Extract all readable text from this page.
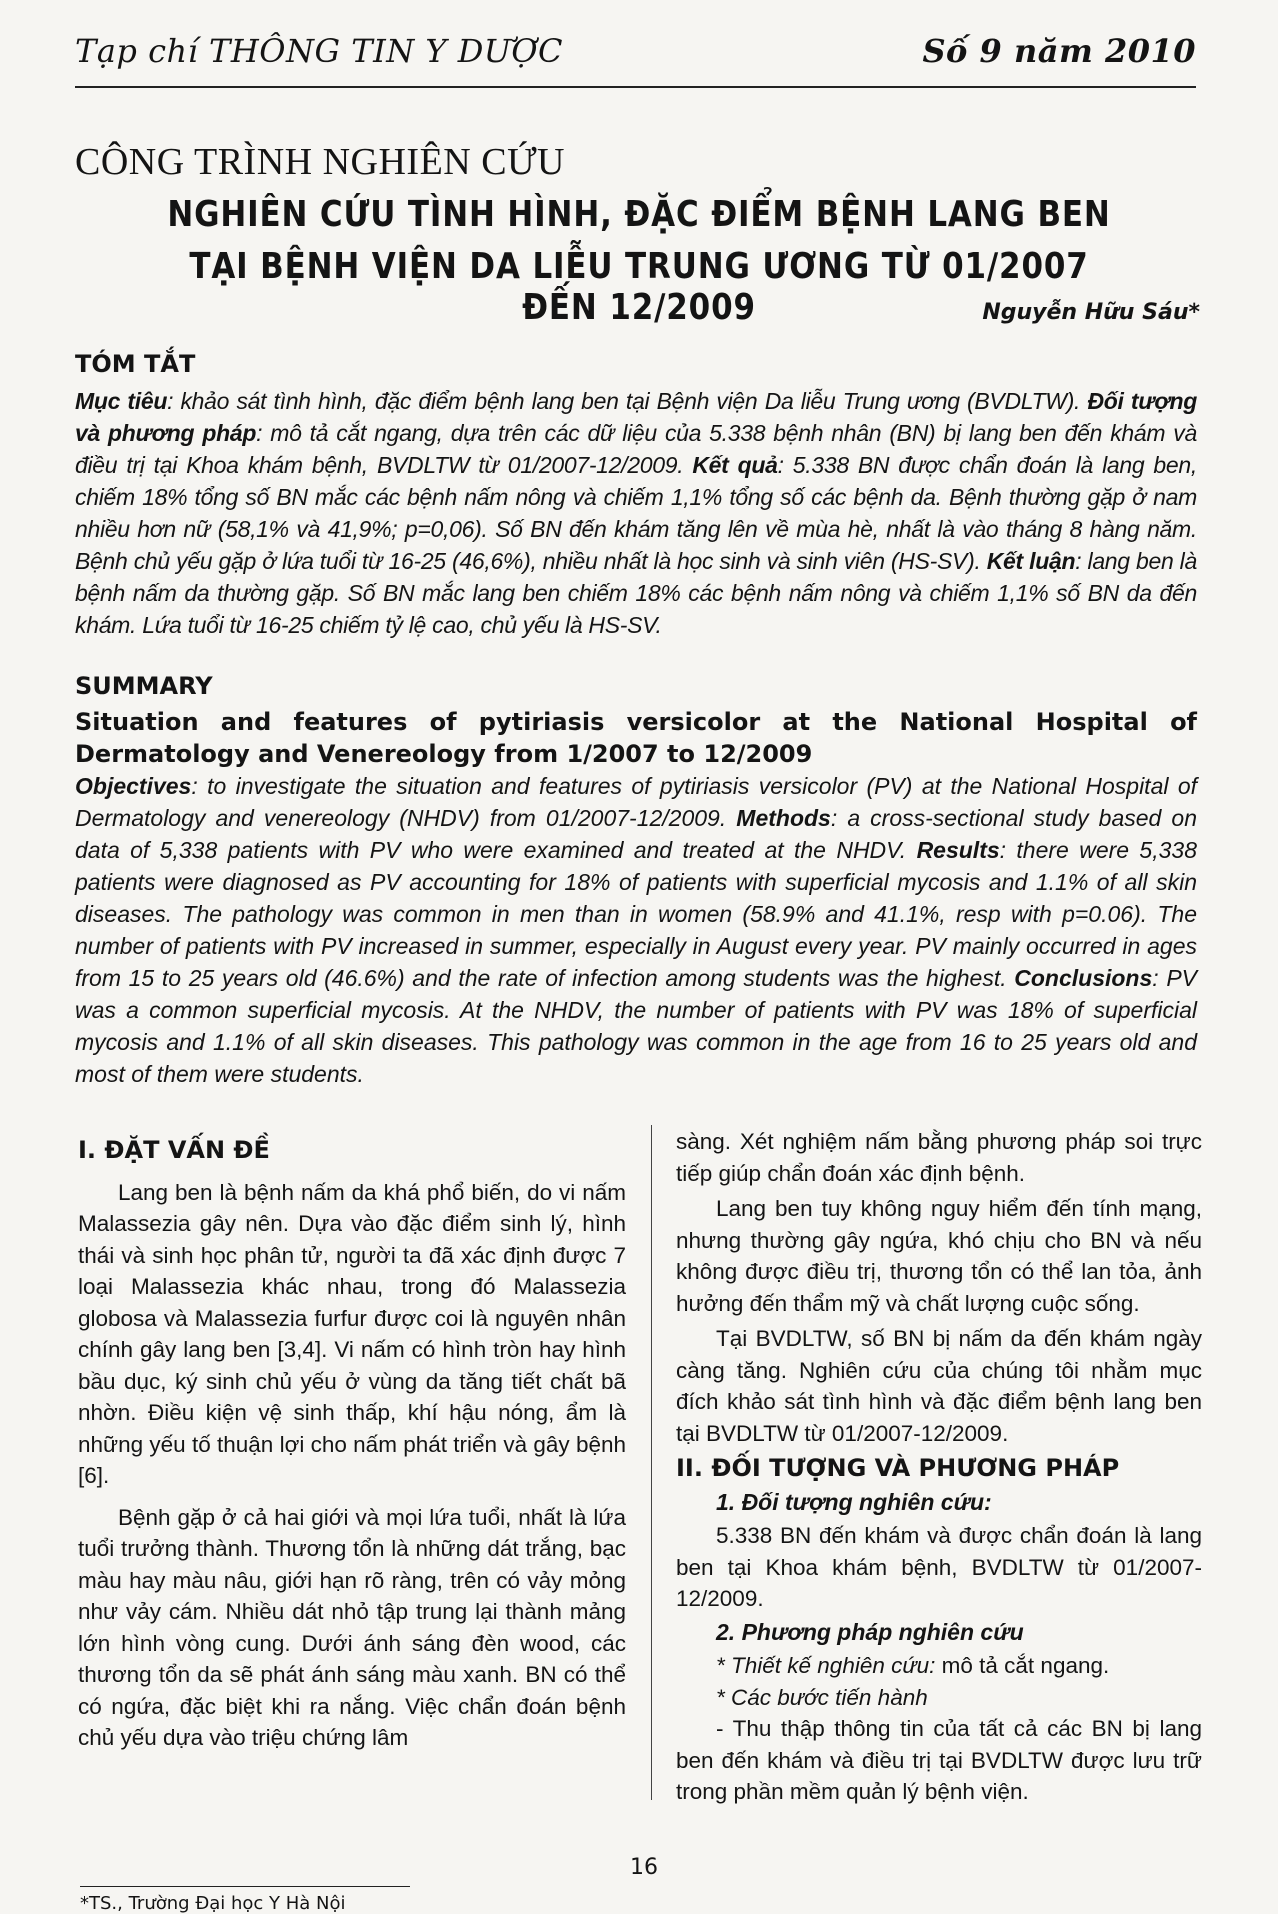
Tạp chí THÔNG TIN Y DƯỢC	Số 9 năm 2010
CÔNG TRÌNH NGHIÊN CỨU
NGHIÊN CỨU TÌNH HÌNH, ĐẶC ĐIỂM BỆNH LANG BEN
TẠI BỆNH VIỆN DA LIỄU TRUNG ƯƠNG TỪ 01/2007 ĐẾN 12/2009	Nguyễn Hữu Sáu*
TÓM TẮT
Mục tiêu: khảo sát tình hình, đặc điểm bệnh lang ben tại Bệnh viện Da liễu Trung ương (BVDLTW). Đối tượng và phương pháp: mô tả cắt ngang, dựa trên các dữ liệu của 5.338 bệnh nhân (BN) bị lang ben đến khám và điều trị tại Khoa khám bệnh, BVDLTW từ 01/2007-12/2009. Kết quả: 5.338 BN được chẩn đoán là lang ben, chiếm 18% tổng số BN mắc các bệnh nấm nông và chiếm 1,1% tổng số các bệnh da. Bệnh thường gặp ở nam nhiều hơn nữ (58,1% và 41,9%; p=0,06). Số BN đến khám tăng lên về mùa hè, nhất là vào tháng 8 hàng năm. Bệnh chủ yếu gặp ở lứa tuổi từ 16-25 (46,6%), nhiều nhất là học sinh và sinh viên (HS-SV). Kết luận: lang ben là bệnh nấm da thường gặp. Số BN mắc lang ben chiếm 18% các bệnh nấm nông và chiếm 1,1% số BN da đến khám. Lứa tuổi từ 16-25 chiếm tỷ lệ cao, chủ yếu là HS-SV.
SUMMARY
Situation and features of pytiriasis versicolor at the National Hospital of Dermatology and Venereology from 1/2007 to 12/2009
Objectives: to investigate the situation and features of pytiriasis versicolor (PV) at the National Hospital of Dermatology and venereology (NHDV) from 01/2007-12/2009. Methods: a cross-sectional study based on data of 5,338 patients with PV who were examined and treated at the NHDV. Results: there were 5,338 patients were diagnosed as PV accounting for 18% of patients with superficial mycosis and 1.1% of all skin diseases. The pathology was common in men than in women (58.9% and 41.1%, resp with p=0.06). The number of patients with PV increased in summer, especially in August every year. PV mainly occurred in ages from 15 to 25 years old (46.6%) and the rate of infection among students was the highest. Conclusions: PV was a common superficial mycosis. At the NHDV, the number of patients with PV was 18% of superficial mycosis and 1.1% of all skin diseases. This pathology was common in the age from 16 to 25 years old and most of them were students.
I. ĐẶT VẤN ĐỀ

Lang ben là bệnh nấm da khá phổ biến, do vi nấm Malassezia gây nên. Dựa vào đặc điểm sinh lý, hình thái và sinh học phân tử, người ta đã xác định được 7 loại Malassezia khác nhau, trong đó Malassezia globosa và Malassezia furfur được coi là nguyên nhân chính gây lang ben [3,4]. Vi nấm có hình tròn hay hình bầu dục, ký sinh chủ yếu ở vùng da tăng tiết chất bã nhờn. Điều kiện vệ sinh thấp, khí hậu nóng, ẩm là những yếu tố thuận lợi cho nấm phát triển và gây bệnh [6].

Bệnh gặp ở cả hai giới và mọi lứa tuổi, nhất là lứa tuổi trưởng thành. Thương tổn là những dát trắng, bạc màu hay màu nâu, giới hạn rõ ràng, trên có vảy mỏng như vảy cám. Nhiều dát nhỏ tập trung lại thành mảng lớn hình vòng cung. Dưới ánh sáng đèn wood, các thương tổn da sẽ phát ánh sáng màu xanh. BN có thể có ngứa, đặc biệt khi ra nắng. Việc chẩn đoán bệnh chủ yếu dựa vào triệu chứng lâm

sàng. Xét nghiệm nấm bằng phương pháp soi trực tiếp giúp chẩn đoán xác định bệnh.

Lang ben tuy không nguy hiểm đến tính mạng, nhưng thường gây ngứa, khó chịu cho BN và nếu không được điều trị, thương tổn có thể lan tỏa, ảnh hưởng đến thẩm mỹ và chất lượng cuộc sống.

Tại BVDLTW, số BN bị nấm da đến khám ngày càng tăng. Nghiên cứu của chúng tôi nhằm mục đích khảo sát tình hình và đặc điểm bệnh lang ben tại BVDLTW từ 01/2007-12/2009.

II. ĐỐI TƯỢNG VÀ PHƯƠNG PHÁP
1. Đối tượng nghiên cứu:

5.338 BN đến khám và được chẩn đoán là lang ben tại Khoa khám bệnh, BVDLTW từ 01/2007-12/2009.

2. Phương pháp nghiên cứu

* Thiết kế nghiên cứu: mô tả cắt ngang.

* Các bước tiến hành

- Thu thập thông tin của tất cả các BN bị lang ben đến khám và điều trị tại BVDLTW được lưu trữ trong phần mềm quản lý bệnh viện.

16
*TS., Trường Đại học Y Hà Nội
